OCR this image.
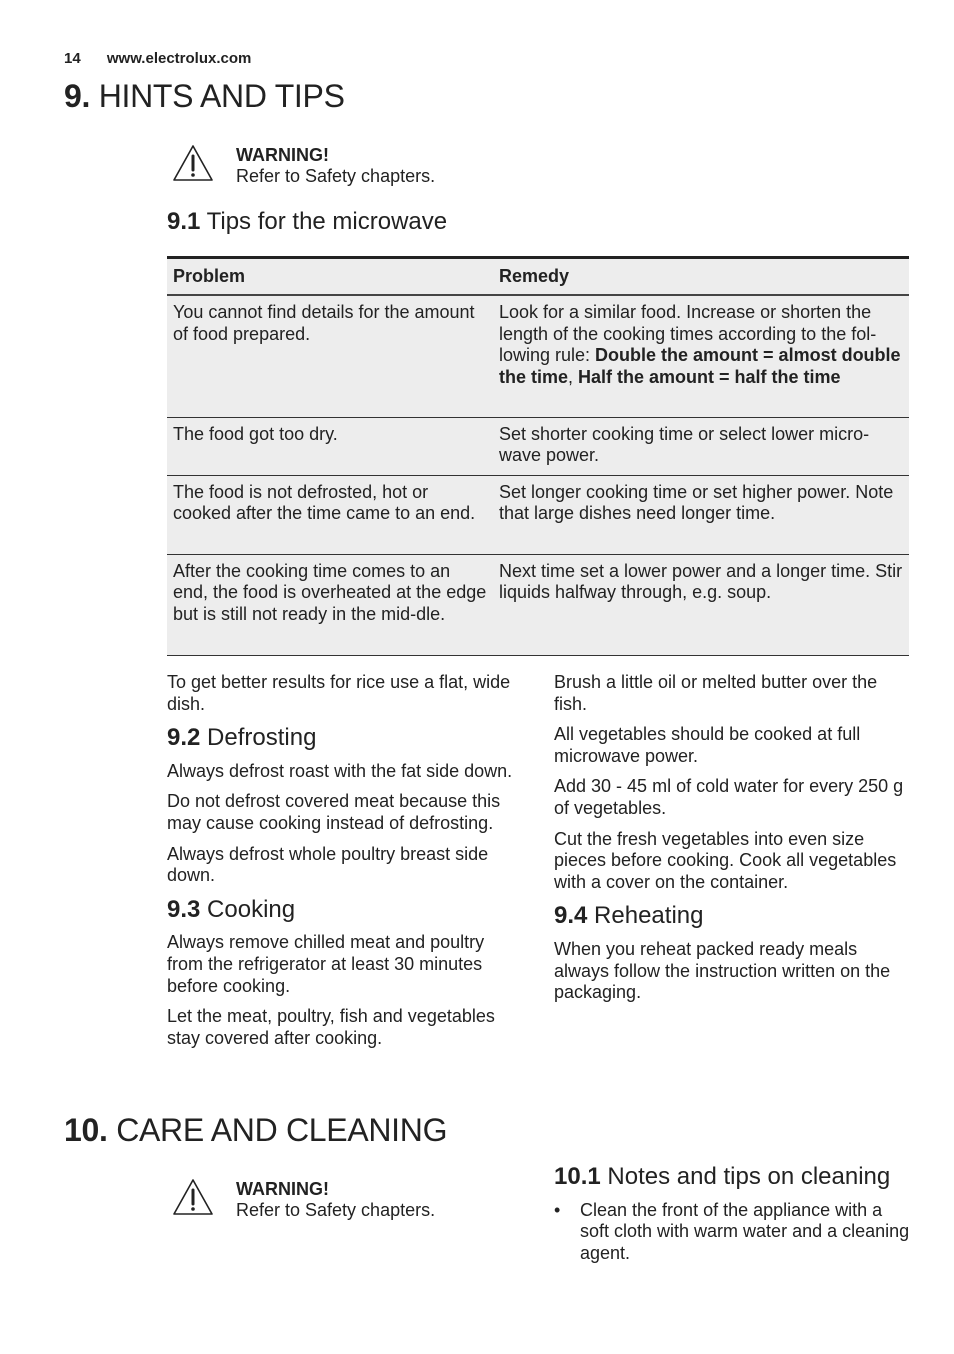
14 www.electrolux.com
9. HINTS AND TIPS
WARNING!
Refer to Safety chapters.
9.1 Tips for the microwave
Problem	Remedy
You cannot find details for the amount of food prepared.	Look for a similar food. Increase or shorten the length of the cooking times according to the fol-lowing rule: Double the amount = almost double the time, Half the amount = half the time
The food got too dry.	Set shorter cooking time or select lower micro-wave power.
The food is not defrosted, hot or cooked after the time came to an end.	Set longer cooking time or set higher power. Note that large dishes need longer time.
After the cooking time comes to an end, the food is overheated at the edge but is still not ready in the mid-dle.	Next time set a lower power and a longer time. Stir liquids halfway through, e.g. soup.

To get better results for rice use a flat, wide dish.

9.2 Defrosting

Always defrost roast with the fat side down.

Do not defrost covered meat because this may cause cooking instead of defrosting.

Always defrost whole poultry breast side down.

9.3 Cooking

Always remove chilled meat and poultry from the refrigerator at least 30 minutes before cooking.

Let the meat, poultry, fish and vegetables stay covered after cooking.

Brush a little oil or melted butter over the fish.

All vegetables should be cooked at full microwave power.

Add 30 - 45 ml of cold water for every 250 g of vegetables.

Cut the fresh vegetables into even size pieces before cooking. Cook all vegetables with a cover on the container.

9.4 Reheating

When you reheat packed ready meals always follow the instruction written on the packaging.

10. CARE AND CLEANING
WARNING!
Refer to Safety chapters.
10.1 Notes and tips on cleaning
• Clean the front of the appliance with a soft cloth with warm water and a cleaning agent.
